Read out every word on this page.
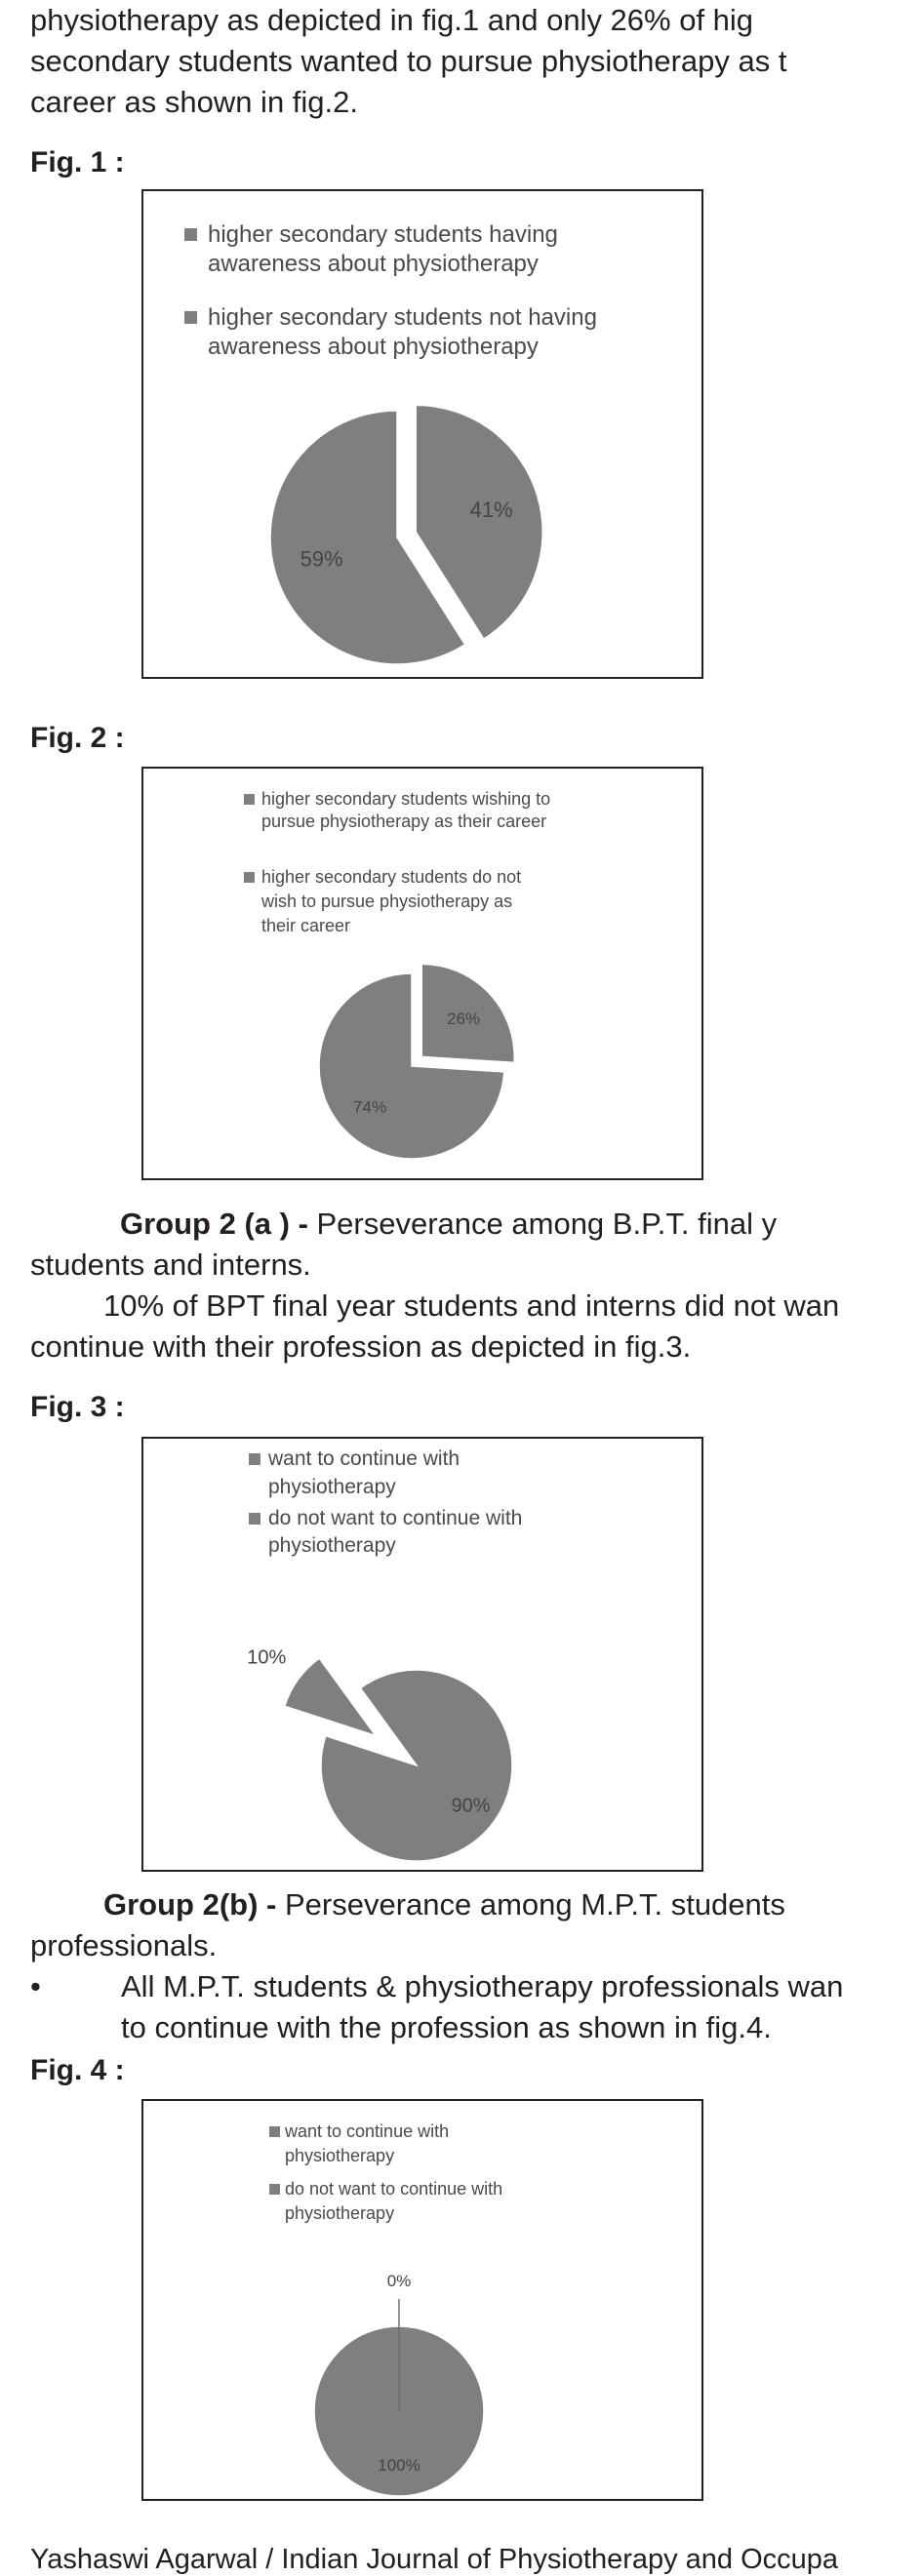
physiotherapy as depicted in fig.1 and only 26% of hig
secondary students wanted to pursue physiotherapy as t
career as shown in fig.2.

Fig. 1 :

higher secondary students having
awareness about physiotherapy
higher secondary students not having
awareness about physiotherapy
41%
59%

Fig. 2 :

higher secondary students wishing to
pursue physiotherapy as their career
higher secondary students do not
wish to pursue physiotherapy as
their career
26%
74%

Group 2 (a ) - Perseverance among B.P.T. final y
students and interns.
10% of BPT final year students and interns did not wan
continue with their profession as depicted in fig.3.

Fig. 3 :

want to continue with
physiotherapy
do not want to continue with
physiotherapy
90%
10%

Group 2(b) - Perseverance among M.P.T. students
professionals.

•	All M.P.T. students & physiotherapy professionals wan
to continue with the profession as shown in fig.4.

Fig. 4 :

want to continue with
physiotherapy
do not want to continue with
physiotherapy
100%
0%

Yashaswi Agarwal / Indian Journal of Physiotherapy and Occupa
